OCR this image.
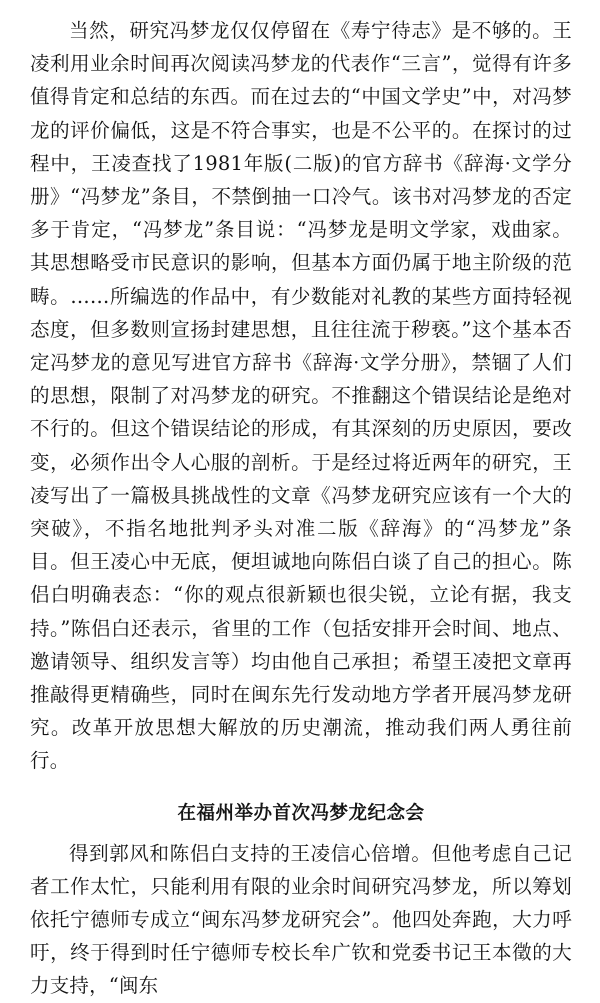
当然，研究冯梦龙仅仅停留在《寿宁待志》是不够的。王凌利用业余时间再次阅读冯梦龙的代表作“三言”，觉得有许多值得肯定和总结的东西。而在过去的“中国文学史”中，对冯梦龙的评价偏低，这是不符合事实，也是不公平的。在探讨的过程中，王凌查找了1981年版(二版)的官方辞书《辞海·文学分册》“冯梦龙”条目，不禁倒抽一口冷气。该书对冯梦龙的否定多于肯定，“冯梦龙”条目说：“冯梦龙是明文学家，戏曲家。其思想略受市民意识的影响，但基本方面仍属于地主阶级的范畴。……所编选的作品中，有少数能对礼教的某些方面持轻视态度，但多数则宣扬封建思想，且往往流于秽亵。”这个基本否定冯梦龙的意见写进官方辞书《辞海·文学分册》，禁锢了人们的思想，限制了对冯梦龙的研究。不推翻这个错误结论是绝对不行的。但这个错误结论的形成，有其深刻的历史原因，要改变，必须作出令人心服的剖析。于是经过将近两年的研究，王凌写出了一篇极具挑战性的文章《冯梦龙研究应该有一个大的突破》，不指名地批判矛头对准二版《辞海》的“冯梦龙”条目。但王凌心中无底，便坦诚地向陈侣白谈了自己的担心。陈侣白明确表态：“你的观点很新颖也很尖锐，立论有据，我支持。”陈侣白还表示，省里的工作（包括安排开会时间、地点、邀请领导、组织发言等）均由他自己承担；希望王凌把文章再推敲得更精确些，同时在闽东先行发动地方学者开展冯梦龙研究。改革开放思想大解放的历史潮流，推动我们两人勇往前行。

在福州举办首次冯梦龙纪念会

得到郭风和陈侣白支持的王凌信心倍增。但他考虑自己记者工作太忙，只能利用有限的业余时间研究冯梦龙，所以筹划依托宁德师专成立“闽东冯梦龙研究会”。他四处奔跑，大力呼吁，终于得到时任宁德师专校长牟广钦和党委书记王本徵的大力支持，“闽东
